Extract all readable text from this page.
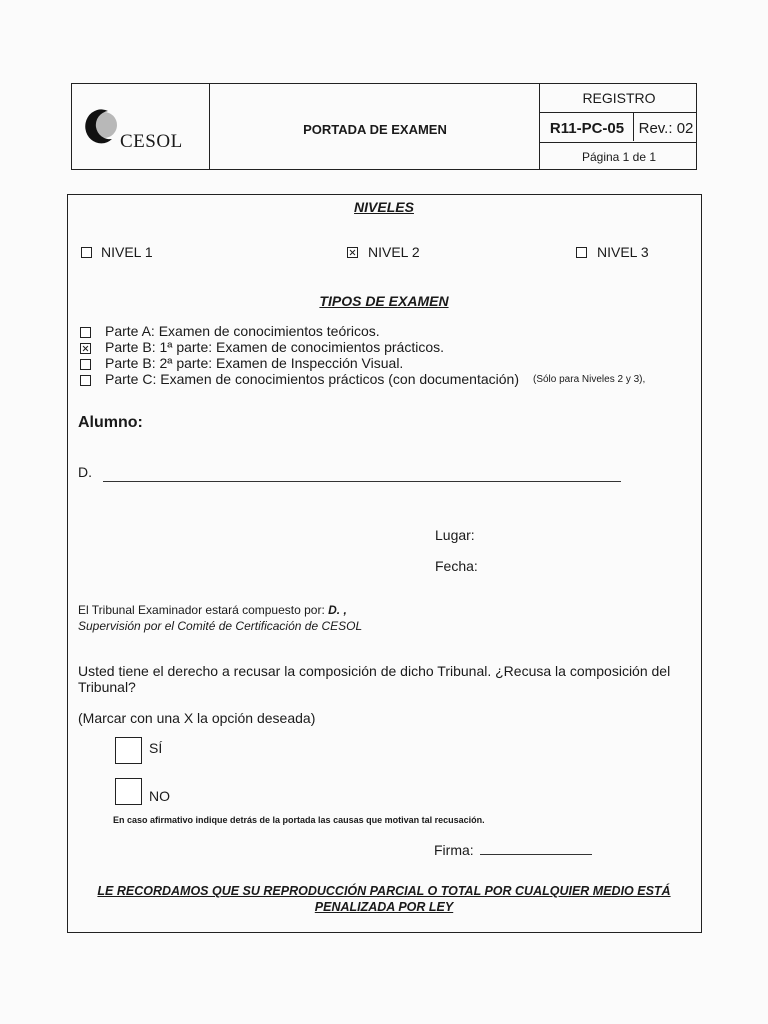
CESOL
PORTADA DE EXAMEN
REGISTRO
R11-PC-05 Rev.: 02
Página 1 de 1
NIVELES
NIVEL 1	NIVEL 2	NIVEL 3
TIPOS DE EXAMEN
Parte A: Examen de conocimientos teóricos.
Parte B: 1ª parte: Examen de conocimientos prácticos.
Parte B: 2ª parte: Examen de Inspección Visual.
Parte C: Examen de conocimientos prácticos (con documentación) (Sólo para Niveles 2 y 3),
Alumno:
D.
Lugar:
Fecha:
El Tribunal Examinador estará compuesto por: D. ,
Supervisión por el Comité de Certificación de CESOL
Usted tiene el derecho a recusar la composición de dicho Tribunal. ¿Recusa la composición del
Tribunal?
(Marcar con una X la opción deseada)
SÍ
NO
En caso afirmativo indique detrás de la portada las causas que motivan tal recusación.
Firma:
LE RECORDAMOS QUE SU REPRODUCCIÓN PARCIAL O TOTAL POR CUALQUIER MEDIO ESTÁ
PENALIZADA POR LEY
